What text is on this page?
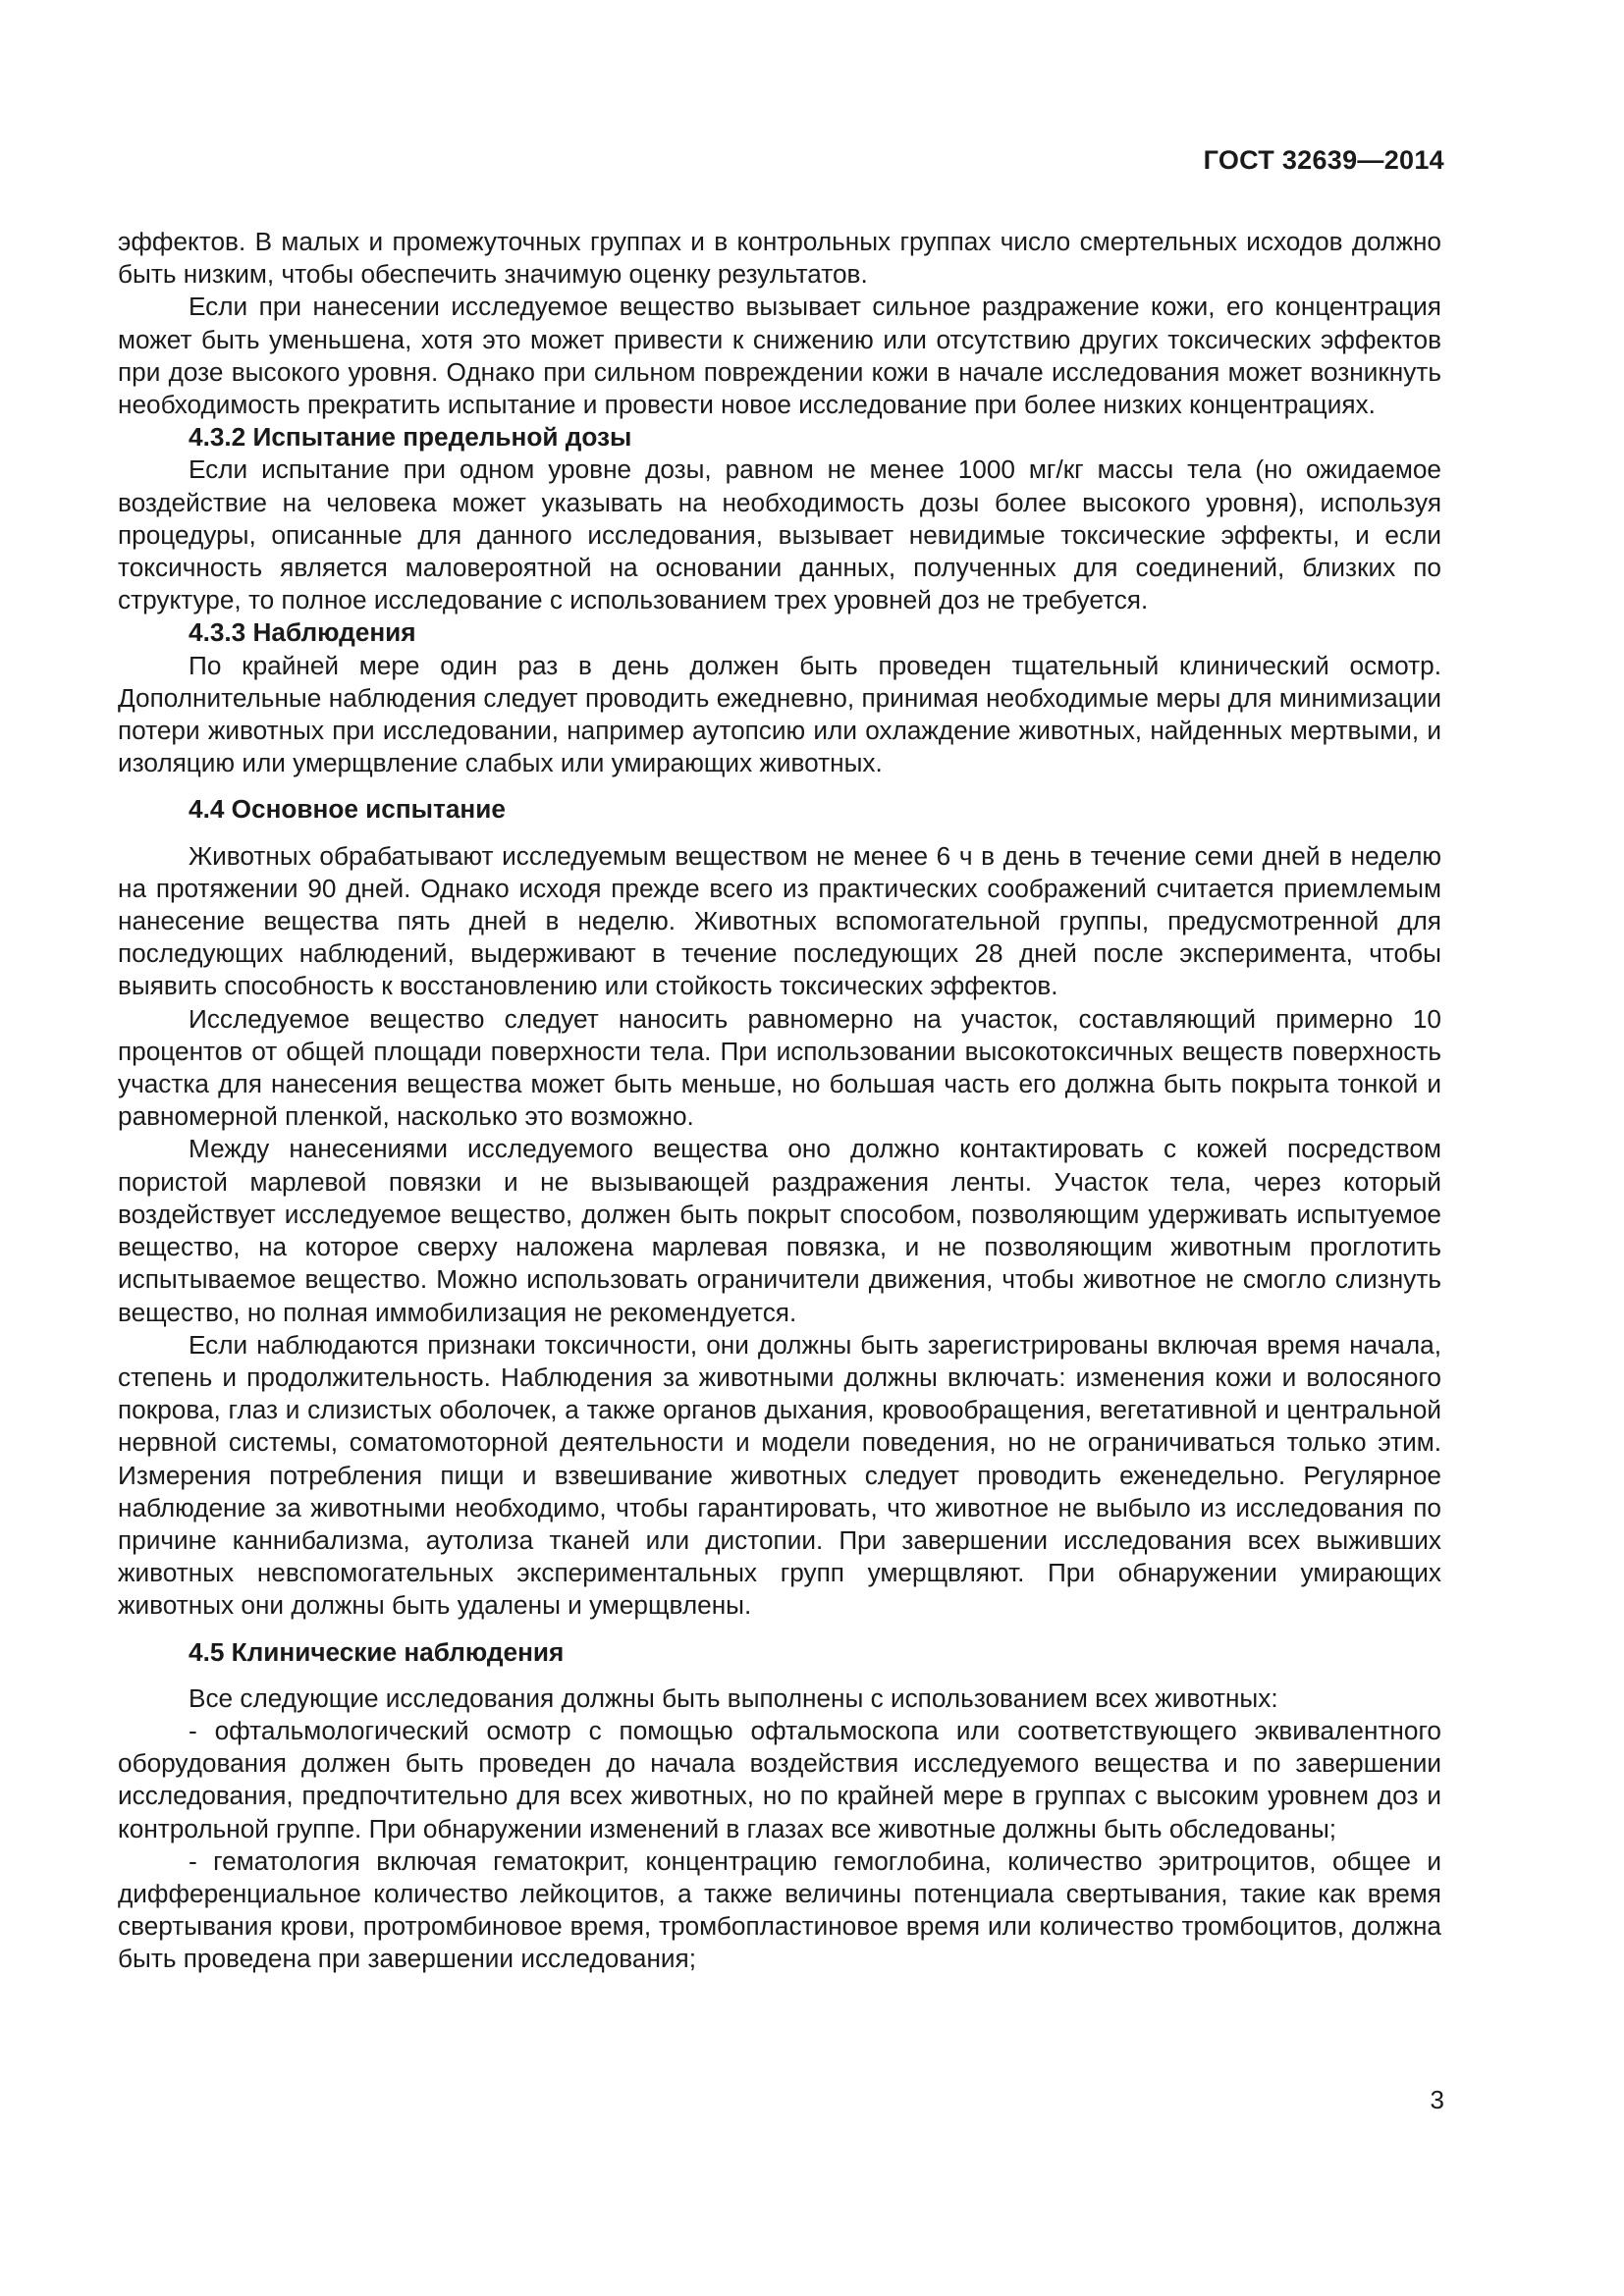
ГОСТ 32639—2014

эффектов. В малых и промежуточных группах и в контрольных группах число смертельных исходов должно быть низким, чтобы обеспечить значимую оценку результатов.

Если при нанесении исследуемое вещество вызывает сильное раздражение кожи, его концентрация может быть уменьшена, хотя это может привести к снижению или отсутствию других токсических эффектов при дозе высокого уровня. Однако при сильном повреждении кожи в начале исследования может возникнуть необходимость прекратить испытание и провести новое исследование при более низких концентрациях.

4.3.2 Испытание предельной дозы

Если испытание при одном уровне дозы, равном не менее 1000 мг/кг массы тела (но ожидаемое воздействие на человека может указывать на необходимость дозы более высокого уровня), используя процедуры, описанные для данного исследования, вызывает невидимые токсические эффекты, и если токсичность является маловероятной на основании данных, полученных для соединений, близких по структуре, то полное исследование с использованием трех уровней доз не требуется.

4.3.3 Наблюдения

По крайней мере один раз в день должен быть проведен тщательный клинический осмотр. Дополнительные наблюдения следует проводить ежедневно, принимая необходимые меры для минимизации потери животных при исследовании, например аутопсию или охлаждение животных, найденных мертвыми, и изоляцию или умерщвление слабых или умирающих животных.

4.4 Основное испытание

Животных обрабатывают исследуемым веществом не менее 6 ч в день в течение семи дней в неделю на протяжении 90 дней. Однако исходя прежде всего из практических соображений считается приемлемым нанесение вещества пять дней в неделю. Животных вспомогательной группы, предусмотренной для последующих наблюдений, выдерживают в течение последующих 28 дней после эксперимента, чтобы выявить способность к восстановлению или стойкость токсических эффектов.

Исследуемое вещество следует наносить равномерно на участок, составляющий примерно 10 процентов от общей площади поверхности тела. При использовании высокотоксичных веществ поверхность участка для нанесения вещества может быть меньше, но большая часть его должна быть покрыта тонкой и равномерной пленкой, насколько это возможно.

Между нанесениями исследуемого вещества оно должно контактировать с кожей посредством пористой марлевой повязки и не вызывающей раздражения ленты. Участок тела, через который воздействует исследуемое вещество, должен быть покрыт способом, позволяющим удерживать испытуемое вещество, на которое сверху наложена марлевая повязка, и не позволяющим животным проглотить испытываемое вещество. Можно использовать ограничители движения, чтобы животное не смогло слизнуть вещество, но полная иммобилизация не рекомендуется.

Если наблюдаются признаки токсичности, они должны быть зарегистрированы включая время начала, степень и продолжительность. Наблюдения за животными должны включать: изменения кожи и волосяного покрова, глаз и слизистых оболочек, а также органов дыхания, кровообращения, вегетативной и центральной нервной системы, соматомоторной деятельности и модели поведения, но не ограничиваться только этим. Измерения потребления пищи и взвешивание животных следует проводить еженедельно. Регулярное наблюдение за животными необходимо, чтобы гарантировать, что животное не выбыло из исследования по причине каннибализма, аутолиза тканей или дистопии. При завершении исследования всех выживших животных невспомогательных экспериментальных групп умерщвляют. При обнаружении умирающих животных они должны быть удалены и умерщвлены.

4.5 Клинические наблюдения

Все следующие исследования должны быть выполнены с использованием всех животных:

- офтальмологический осмотр с помощью офтальмоскопа или соответствующего эквивалентного оборудования должен быть проведен до начала воздействия исследуемого вещества и по завершении исследования, предпочтительно для всех животных, но по крайней мере в группах с высоким уровнем доз и контрольной группе. При обнаружении изменений в глазах все животные должны быть обследованы;

- гематология включая гематокрит, концентрацию гемоглобина, количество эритроцитов, общее и дифференциальное количество лейкоцитов, а также величины потенциала свертывания, такие как время свертывания крови, протромбиновое время, тромбопластиновое время или количество тромбоцитов, должна быть проведена при завершении исследования;

3
